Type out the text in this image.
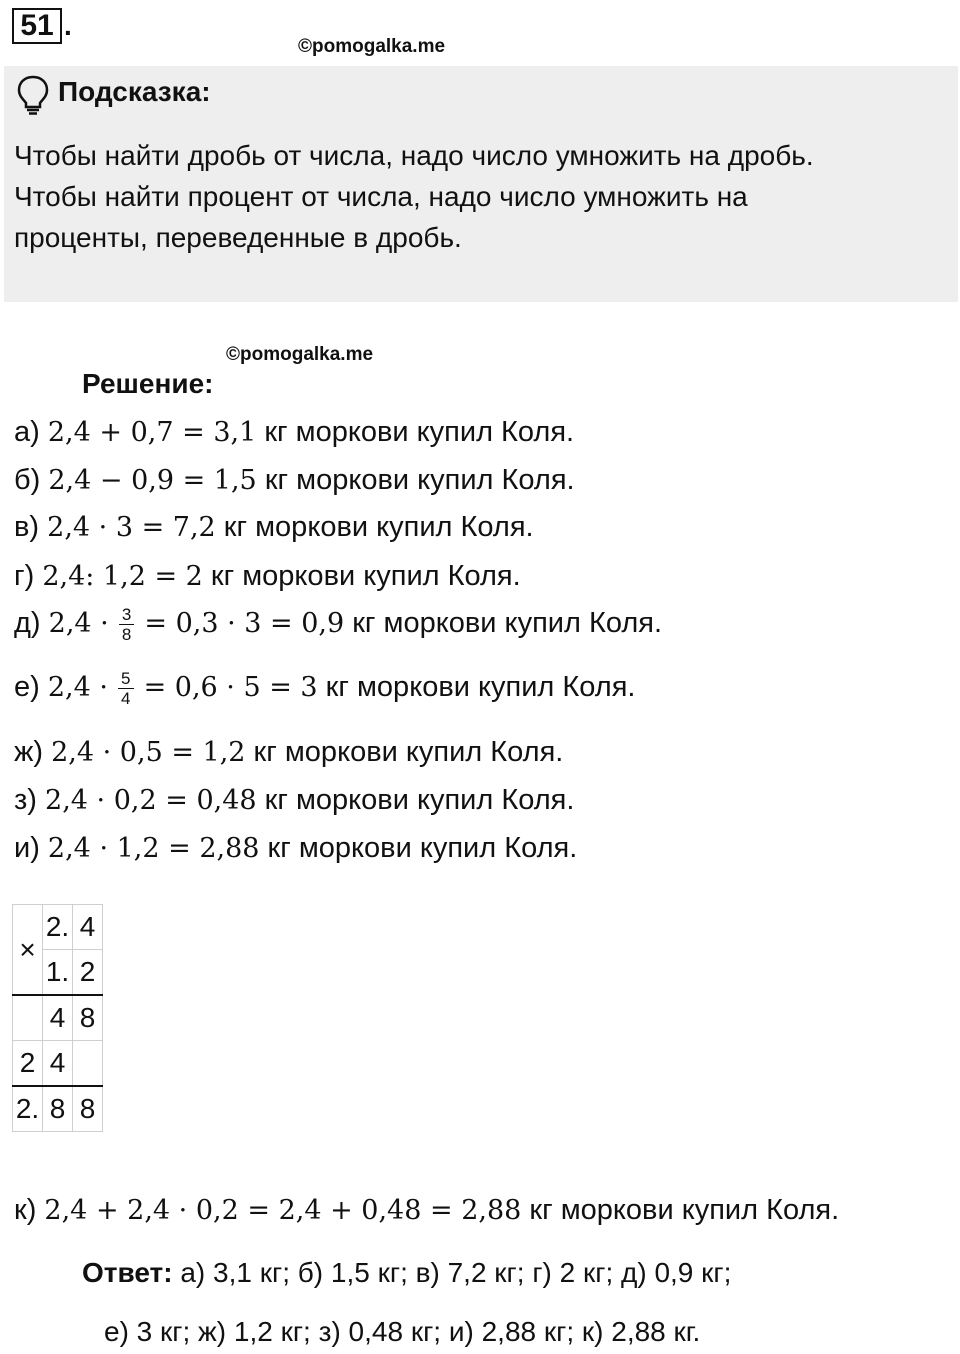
51 .
©pomogalka.me
Подсказка:
Чтобы найти дробь от числа, надо число умножить на дробь.
Чтобы найти процент от числа, надо число умножить на
проценты, переведенные в дробь.
©pomogalka.me
Решение:
а) 2,4 + 0,7 = 3,1 кг моркови купил Коля.
б) 2,4 − 0,9 = 1,5 кг моркови купил Коля.
в) 2,4 · 3 = 7,2 кг моркови купил Коля.
г) 2,4: 1,2 = 2 кг моркови купил Коля.
д) $2,4 \cdot \frac{3}{8} = 0,3 \cdot 3 = 0,9$ кг моркови купил Коля.
е) $2,4 \cdot \frac{5}{4} = 0,6 \cdot 5 = 3$ кг моркови купил Коля.
ж) 2,4 · 0,5 = 1,2 кг моркови купил Коля.
з) 2,4 · 0,2 = 0,48 кг моркови купил Коля.
и) 2,4 · 1,2 = 2,88 кг моркови купил Коля.
×	2.	4
	1.	2
	4	8
2	4	
2.	8	8
к) 2,4 + 2,4 · 0,2 = 2,4 + 0,48 = 2,88 кг моркови купил Коля.
Ответ: а) 3,1 кг; б) 1,5 кг; в) 7,2 кг; г) 2 кг; д) 0,9 кг;
е) 3 кг; ж) 1,2 кг; з) 0,48 кг; и) 2,88 кг; к) 2,88 кг.
